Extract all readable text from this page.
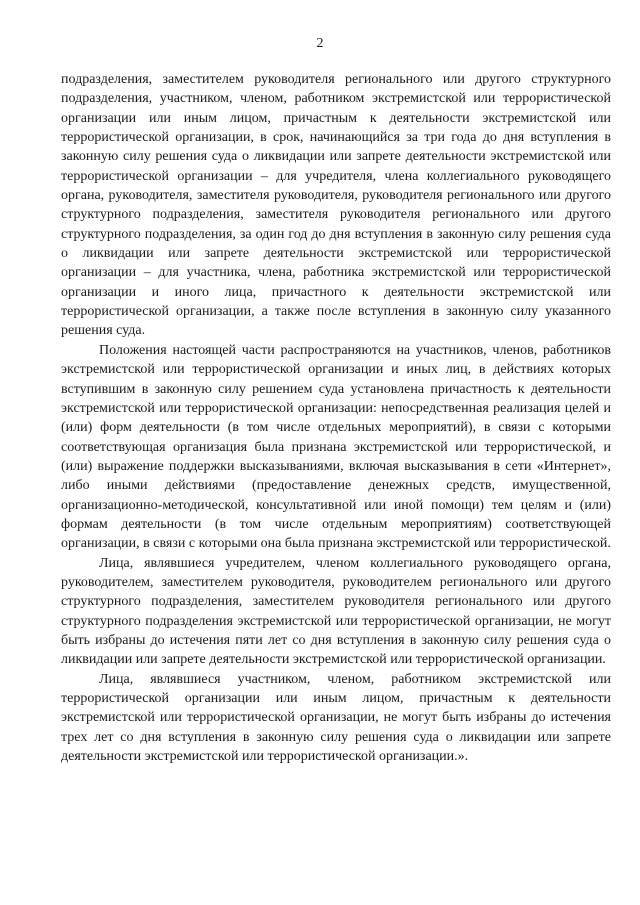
2

подразделения, заместителем руководителя регионального или другого структурного подразделения, участником, членом, работником экстремистской или террористической организации или иным лицом, причастным к деятельности экстремистской или террористической организации, в срок, начинающийся за три года до дня вступления в законную силу решения суда о ликвидации или запрете деятельности экстремистской или террористической организации – для учредителя, члена коллегиального руководящего органа, руководителя, заместителя руководителя, руководителя регионального или другого структурного подразделения, заместителя руководителя регионального или другого структурного подразделения, за один год до дня вступления в законную силу решения суда о ликвидации или запрете деятельности экстремистской или террористической организации – для участника, члена, работника экстремистской или террористической организации и иного лица, причастного к деятельности экстремистской или террористической организации, а также после вступления в законную силу указанного решения суда.

Положения настоящей части распространяются на участников, членов, работников экстремистской или террористической организации и иных лиц, в действиях которых вступившим в законную силу решением суда установлена причастность к деятельности экстремистской или террористической организации: непосредственная реализация целей и (или) форм деятельности (в том числе отдельных мероприятий), в связи с которыми соответствующая организация была признана экстремистской или террористической, и (или) выражение поддержки высказываниями, включая высказывания в сети «Интернет», либо иными действиями (предоставление денежных средств, имущественной, организационно-методической, консультативной или иной помощи) тем целям и (или) формам деятельности (в том числе отдельным мероприятиям) соответствующей организации, в связи с которыми она была признана экстремистской или террористической.

Лица, являвшиеся учредителем, членом коллегиального руководящего органа, руководителем, заместителем руководителя, руководителем регионального или другого структурного подразделения, заместителем руководителя регионального или другого структурного подразделения экстремистской или террористической организации, не могут быть избраны до истечения пяти лет со дня вступления в законную силу решения суда о ликвидации или запрете деятельности экстремистской или террористической организации.

Лица, являвшиеся участником, членом, работником экстремистской или террористической организации или иным лицом, причастным к деятельности экстремистской или террористической организации, не могут быть избраны до истечения трех лет со дня вступления в законную силу решения суда о ликвидации или запрете деятельности экстремистской или террористической организации.».
